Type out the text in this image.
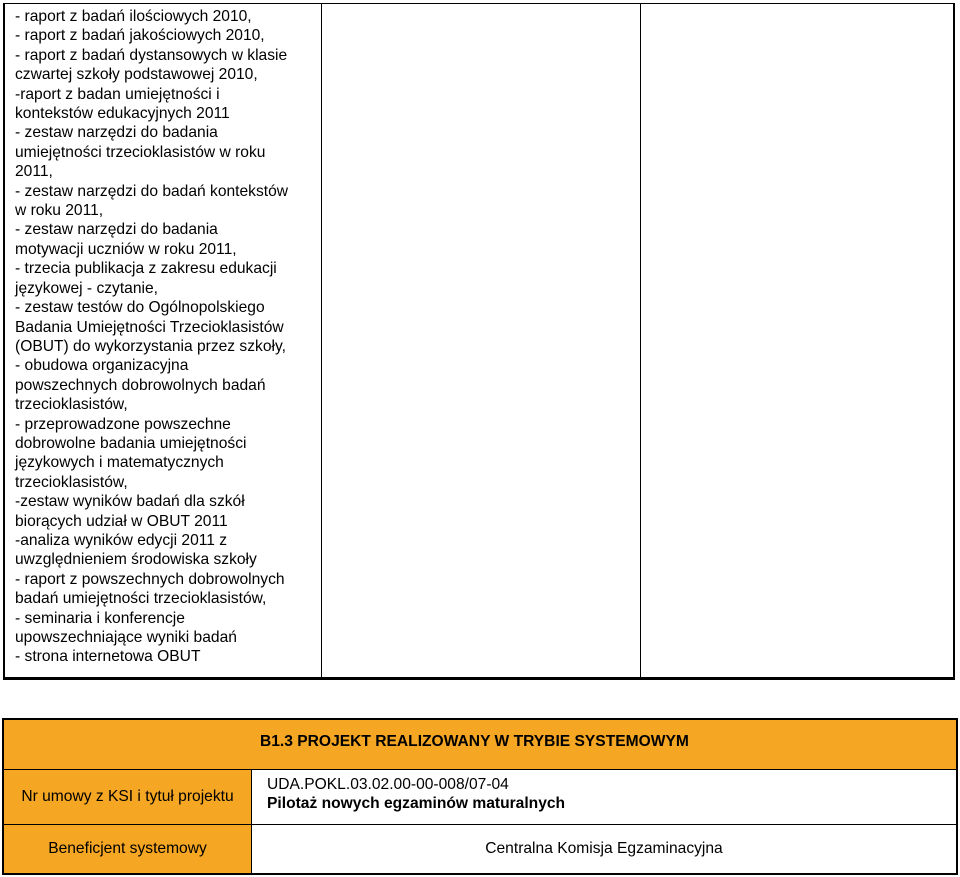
- raport z badań ilościowych 2010,
- raport z badań jakościowych 2010,
- raport z badań dystansowych w klasie
czwartej szkoły podstawowej 2010,
-raport z badan umiejętności i
kontekstów edukacyjnych 2011
- zestaw narzędzi do badania
umiejętności trzecioklasistów w roku
2011,
- zestaw narzędzi do badań kontekstów
w roku 2011,
- zestaw narzędzi do badania
motywacji uczniów w roku 2011,
- trzecia publikacja z zakresu edukacji
językowej - czytanie,
- zestaw testów do Ogólnopolskiego
Badania Umiejętności Trzecioklasistów
(OBUT) do wykorzystania przez szkoły,
- obudowa organizacyjna
powszechnych dobrowolnych badań
trzecioklasistów,
- przeprowadzone powszechne
dobrowolne badania umiejętności
językowych i matematycznych
trzecioklasistów,
-zestaw wyników badań dla szkół
biorących udział w OBUT 2011
-analiza wyników edycji 2011 z
uwzględnieniem środowiska szkoły
- raport z powszechnych dobrowolnych
badań umiejętności trzecioklasistów,
- seminaria i konferencje
upowszechniające wyniki badań
- strona internetowa OBUT
B1.3 PROJEKT REALIZOWANY W TRYBIE SYSTEMOWYM
Nr umowy z KSI i tytuł projektu
UDA.POKL.03.02.00-00-008/07-04
Pilotaż nowych egzaminów maturalnych
Beneficjent systemowy	Centralna Komisja Egzaminacyjna
